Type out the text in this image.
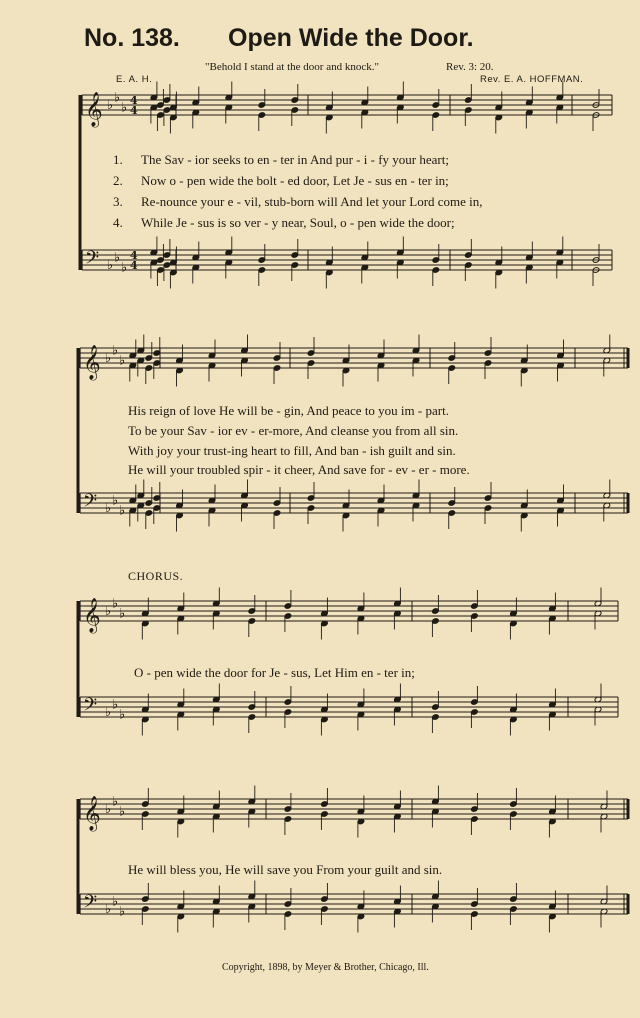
No. 138. Open Wide the Door.
"Behold I stand at the door and knock."	Rev. 3: 20.
E. A. H.	Rev. E. A. HOFFMAN.
1.
2.
3.
4.
The Sav - ior seeks to en - ter in And pur - i - fy your heart;
Now o - pen wide the bolt - ed door, Let Je - sus en - ter in;
Re-nounce your e - vil, stub-born will And let your Lord come in,
While Je - sus is so ver - y near, Soul, o - pen wide the door;
His reign of love He will be - gin, And peace to you im - part.
To be your Sav - ior ev - er-more, And cleanse you from all sin.
With joy your trust-ing heart to fill, And ban - ish guilt and sin.
He will your troubled spir - it cheer, And save for - ev - er - more.
CHORUS.
O - pen wide the door for Je - sus, Let Him en - ter in;
He will bless you, He will save you From your guilt and sin.
Copyright, 1898, by Meyer & Brother, Chicago, Ill.
𝄞 ♭ ♭
♭ 4
4
𝄢 ♭ ♭
♭
4
4
𝄞 ♭ ♭
♭
𝄢 ♭ ♭
♭
𝄞 ♭ ♭
♭
𝄢 ♭ ♭
♭
𝄞 ♭ ♭
♭
𝄢 ♭ ♭
♭
